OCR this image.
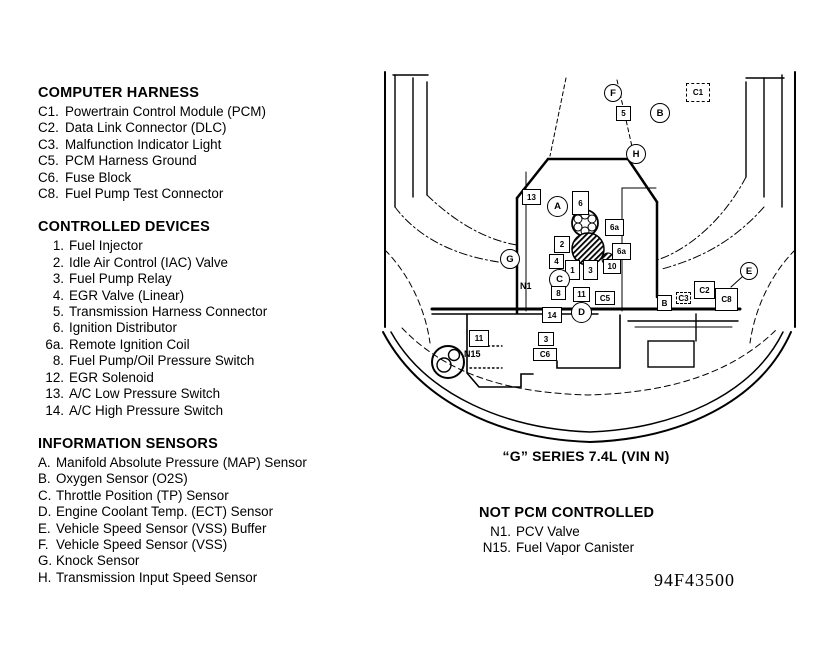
COMPUTER HARNESS
C1. Powertrain Control Module (PCM)
C2. Data Link Connector (DLC)
C3. Malfunction Indicator Light
C5. PCM Harness Ground
C6. Fuse Block
C8. Fuel Pump Test Connector
CONTROLLED DEVICES
1. Fuel Injector
2. Idle Air Control (IAC) Valve
3. Fuel Pump Relay
4. EGR Valve (Linear)
5. Transmission Harness Connector
6. Ignition Distributor
6a. Remote Ignition Coil
8. Fuel Pump/Oil Pressure Switch
12. EGR Solenoid
13. A/C Low Pressure Switch
14. A/C High Pressure Switch
INFORMATION SENSORS
A. Manifold Absolute Pressure (MAP) Sensor
B. Oxygen Sensor (O2S)
C. Throttle Position (TP) Sensor
D. Engine Coolant Temp. (ECT) Sensor
E. Vehicle Speed Sensor (VSS) Buffer
F. Vehicle Speed Sensor (VSS)
G. Knock Sensor
H. Transmission Input Speed Sensor
F
5	B
C1
H
13
A 6
6a
2
6a
4
1 3 10
G
C
8 11 C5
N1
14 D
11
N15
3
C6
B
C3
C2
C8
E
“G” SERIES 7.4L (VIN N)
NOT PCM CONTROLLED
N1. PCV Valve
N15. Fuel Vapor Canister
94F43500
